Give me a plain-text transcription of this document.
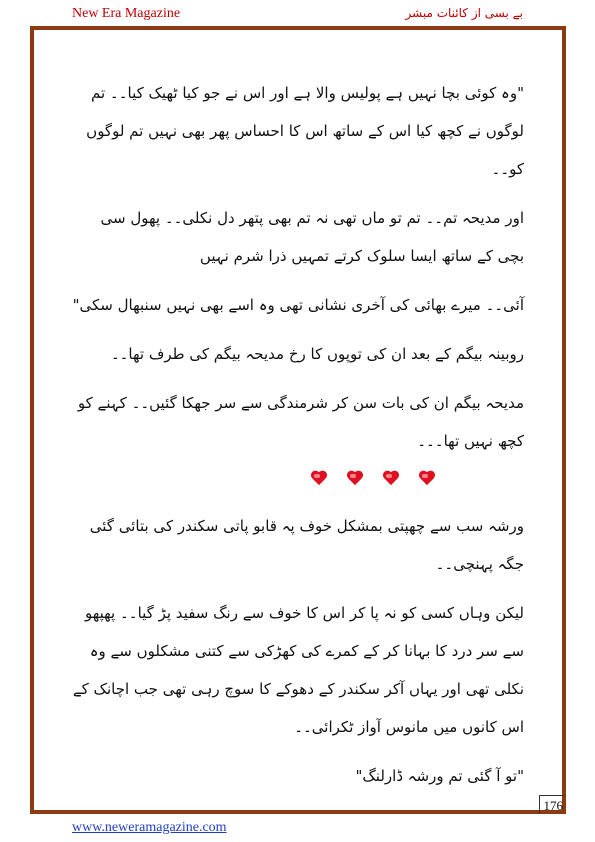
New Era Magazine	بے بسی از کائنات مبشر

"وہ کوئی بچا نہیں ہے پولیس والا ہے اور اس نے جو کیا ٹھیک کیا۔۔ تم لوگوں نے کچھ کیا اس کے ساتھ اس کا احساس پھر بھی نہیں تم لوگوں کو۔۔

اور مدیحہ تم۔۔ تم تو ماں تھی نہ تم بھی پتھر دل نکلی۔۔ پھول سی بچی کے ساتھ ایسا سلوک کرتے تمہیں ذرا شرم نہیں

آئی۔۔ میرے بھائی کی آخری نشانی تھی وہ اسے بھی نہیں سنبھال سکی"

روبینہ بیگم کے بعد ان کی توپوں کا رخ مدیحہ بیگم کی طرف تھا۔۔

مدیحہ بیگم ان کی بات سن کر شرمندگی سے سر جھکا گئیں۔۔ کہنے کو کچھ نہیں تھا۔۔۔

ورشہ سب سے چھپتی بمشکل خوف پہ قابو پاتی سکندر کی بتائی گئی جگہ پہنچی۔۔

لیکن وہاں کسی کو نہ پا کر اس کا خوف سے رنگ سفید پڑ گیا۔۔ پھپھو سے سر درد کا بہانا کر کے کمرے کی کھڑکی سے کتنی مشکلوں سے وہ نکلی تھی اور یہاں آکر سکندر کے دھوکے کا سوچ رہی تھی جب اچانک کے اس کانوں میں مانوس آواز ٹکرائی۔۔

"تو آ گئی تم ورشہ ڈارلنگ"

176
www.neweramagazine.com
